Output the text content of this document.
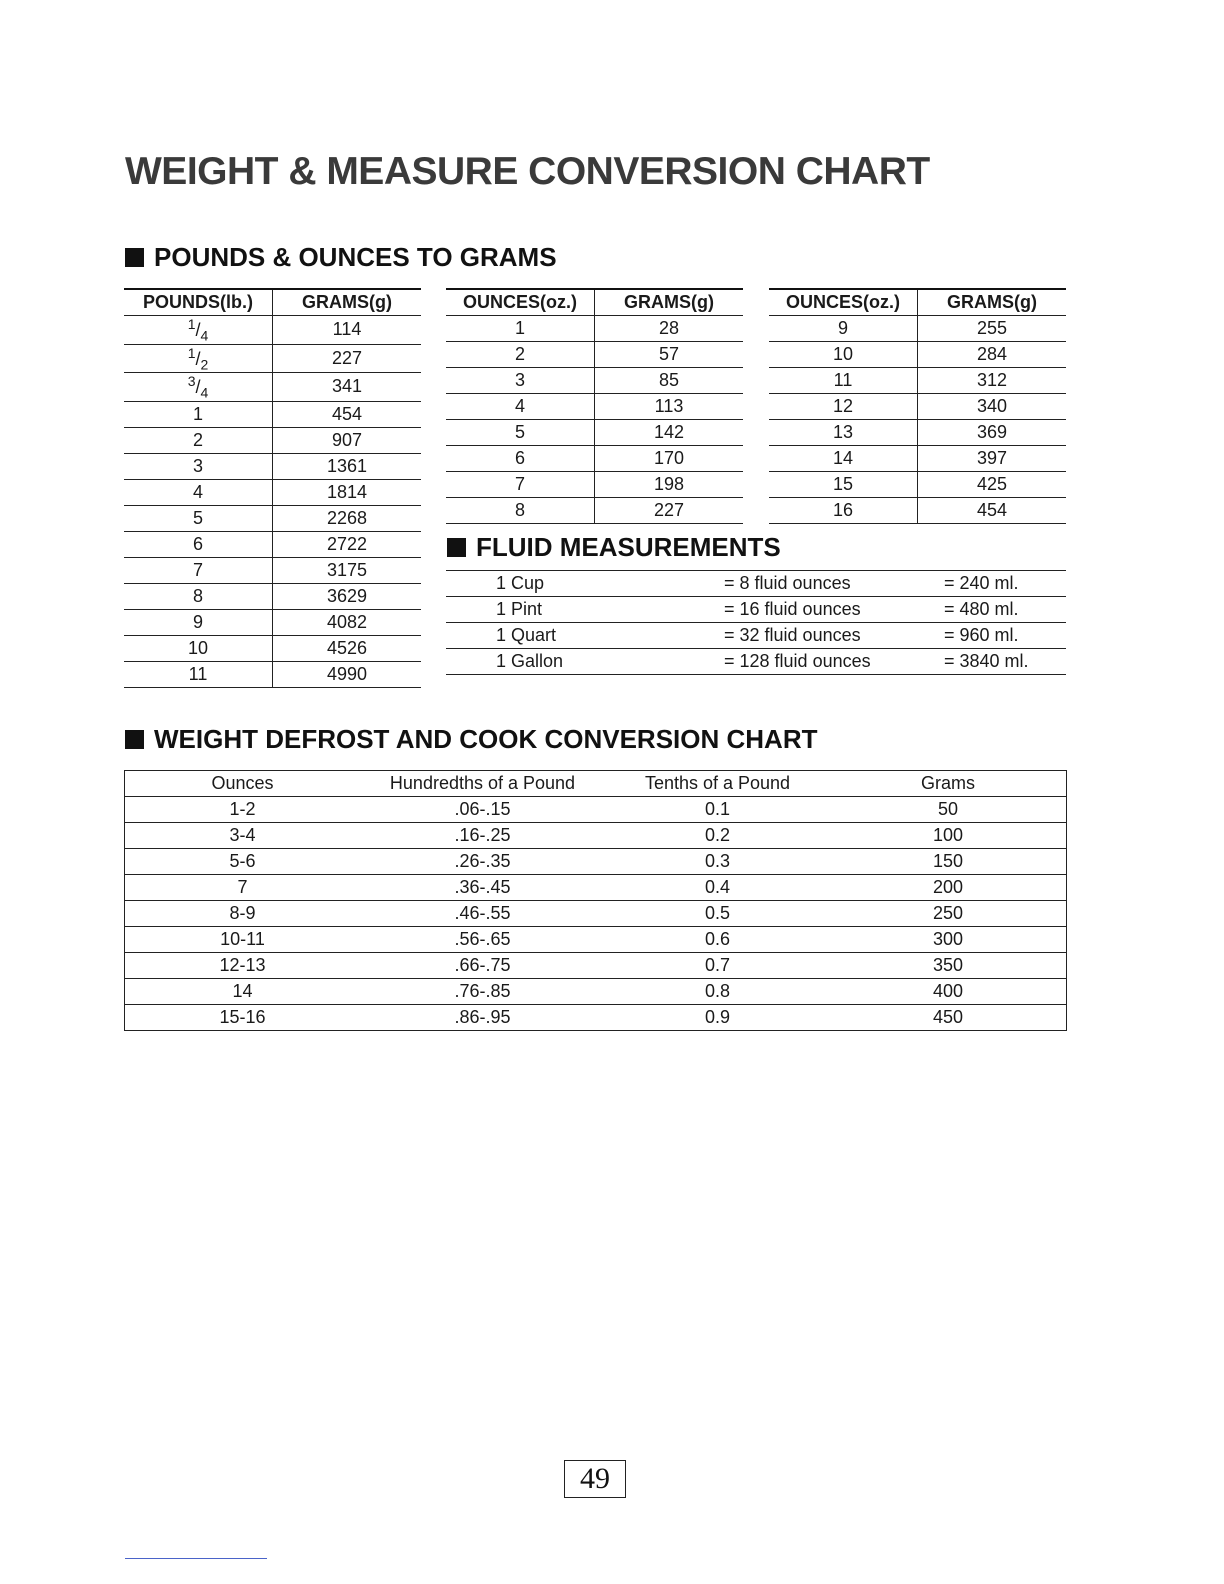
WEIGHT & MEASURE CONVERSION CHART
POUNDS & OUNCES TO GRAMS
POUNDS(lb.)	GRAMS(g)
$^1/_4$	114
$^1/_2$	227
$^3/_4$	341
1	454
2	907
3	1361
4	1814
5	2268
6	2722
7	3175
8	3629
9	4082
10	4526
11	4990
OUNCES(oz.)	GRAMS(g)
1	28
2	57
3	85
4	113
5	142
6	170
7	198
8	227
OUNCES(oz.)	GRAMS(g)
9	255
10	284
11	312
12	340
13	369
14	397
15	425
16	454
FLUID MEASUREMENTS
1 Cup	= 8 fluid ounces	= 240 ml.
1 Pint	= 16 fluid ounces	= 480 ml.
1 Quart	= 32 fluid ounces	= 960 ml.
1 Gallon	= 128 fluid ounces	= 3840 ml.
WEIGHT DEFROST AND COOK CONVERSION CHART
Ounces	Hundredths of a Pound	Tenths of a Pound	Grams
1-2	.06-.15	0.1	50
3-4	.16-.25	0.2	100
5-6	.26-.35	0.3	150
7	.36-.45	0.4	200
8-9	.46-.55	0.5	250
10-11	.56-.65	0.6	300
12-13	.66-.75	0.7	350
14	.76-.85	0.8	400
15-16	.86-.95	0.9	450
49
